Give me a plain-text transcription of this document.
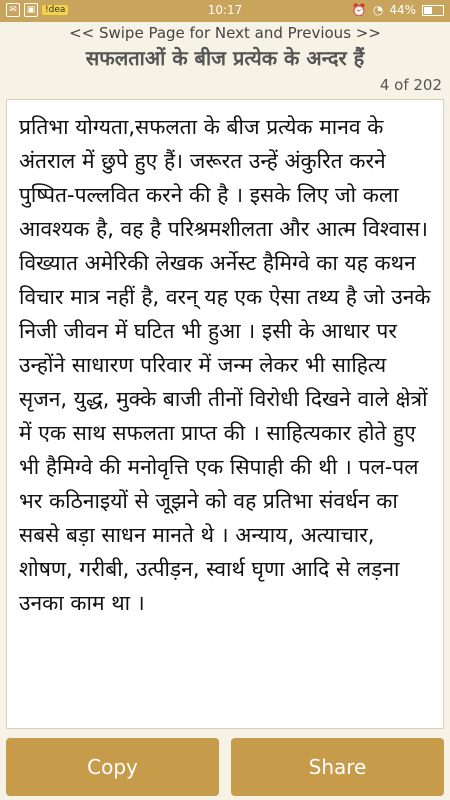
✉	▣	!dea	10:17	⏰ ◔ 44%
<< Swipe Page for Next and Previous >>
सफलताओं के बीज प्रत्येक के अन्दर हैं
4 of 202
प्रतिभा योग्यता,सफलता के बीज प्रत्येक मानव के अंतराल में छुपे हुए हैं। जरूरत उन्हें अंकुरित करने पुष्पित-पल्लवित करने की है । इसके लिए जो कला आवश्यक है, वह है परिश्रमशीलता और आत्म विश्वास।
विख्यात अमेरिकी लेखक अर्नेस्ट हैमिग्वे का यह कथन विचार मात्र नहीं है, वरन् यह एक ऐसा तथ्य है जो उनके निजी जीवन में घटित भी हुआ । इसी के आधार पर उन्होंने साधारण परिवार में जन्म लेकर भी साहित्य सृजन, युद्ध, मुक्के बाजी तीनों विरोधी दिखने वाले क्षेत्रों में एक साथ सफलता प्राप्त की । साहित्यकार होते हुए भी हैमिग्वे की मनोवृत्ति एक सिपाही की थी । पल-पल भर कठिनाइयों से जूझने को वह प्रतिभा संवर्धन का सबसे बड़ा साधन मानते थे । अन्याय, अत्याचार, शोषण, गरीबी, उत्पीड़न, स्वार्थ घृणा आदि से लड़ना उनका काम था ।
Copy	Share
